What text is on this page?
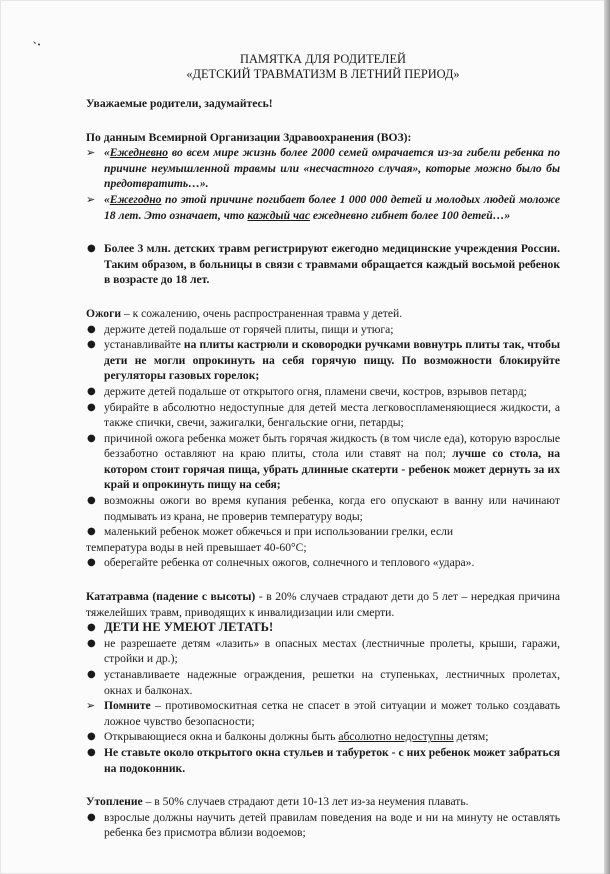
ПАМЯТКА ДЛЯ РОДИТЕЛЕЙ

«ДЕТСКИЙ ТРАВМАТИЗМ В ЛЕТНИЙ ПЕРИОД»

Уважаемые родители, задумайтесь!

По данным Всемирной Организации Здравоохранения (ВОЗ):

➢ «Ежедневно во всем мире жизнь более 2000 семей омрачается из-за гибели ребенка по причине неумышленной травмы или «несчастного случая», которые можно было бы предотвратить…».
➢ «Ежегодно по этой причине погибает более 1 000 000 детей и молодых людей моложе 18 лет. Это означает, что каждый час ежедневно гибнет более 100 детей…»
● Более 3 млн. детских травм регистрируют ежегодно медицинские учреждения России. Таким образом, в больницы в связи с травмами обращается каждый восьмой ребенок в возрасте до 18 лет.

Ожоги – к сожалению, очень распространенная травма у детей.

● держите детей подальше от горячей плиты, пищи и утюга;
● устанавливайте на плиты кастрюли и сковородки ручками вовнутрь плиты так, чтобы дети не могли опрокинуть на себя горячую пищу. По возможности блокируйте регуляторы газовых горелок;
● держите детей подальше от открытого огня, пламени свечи, костров, взрывов петард;
● убирайте в абсолютно недоступные для детей места легковоспламеняющиеся жидкости, а также спички, свечи, зажигалки, бенгальские огни, петарды;
● причиной ожога ребенка может быть горячая жидкость (в том числе еда), которую взрослые беззаботно оставляют на краю плиты, стола или ставят на пол; лучше со стола, на котором стоит горячая пища, убрать длинные скатерти - ребенок может дернуть за их край и опрокинуть пищу на себя;
● возможны ожоги во время купания ребенка, когда его опускают в ванну или начинают подмывать из крана, не проверив температуру воды;
● маленький ребенок может обжечься и при использовании грелки, если

температура воды в ней превышает 40-60°С;

● оберегайте ребенка от солнечных ожогов, солнечного и теплового «удара».

Кататравма (падение с высоты) - в 20% случаев страдают дети до 5 лет – нередкая причина тяжелейших травм, приводящих к инвалидизации или смерти.

● ДЕТИ НЕ УМЕЮТ ЛЕТАТЬ!
● не разрешаете детям «лазить» в опасных местах (лестничные пролеты, крыши, гаражи, стройки и др.);
● устанавливаете надежные ограждения, решетки на ступеньках, лестничных пролетах, окнах и балконах.
➢ Помните – противомоскитная сетка не спасет в этой ситуации и может только создавать ложное чувство безопасности;
● Открывающиеся окна и балконы должны быть абсолютно недоступны детям;
● Не ставьте около открытого окна стульев и табуреток - с них ребенок может забраться на подоконник.

Утопление – в 50% случаев страдают дети 10-13 лет из-за неумения плавать.

● взрослые должны научить детей правилам поведения на воде и ни на минуту не оставлять ребенка без присмотра вблизи водоемов;
